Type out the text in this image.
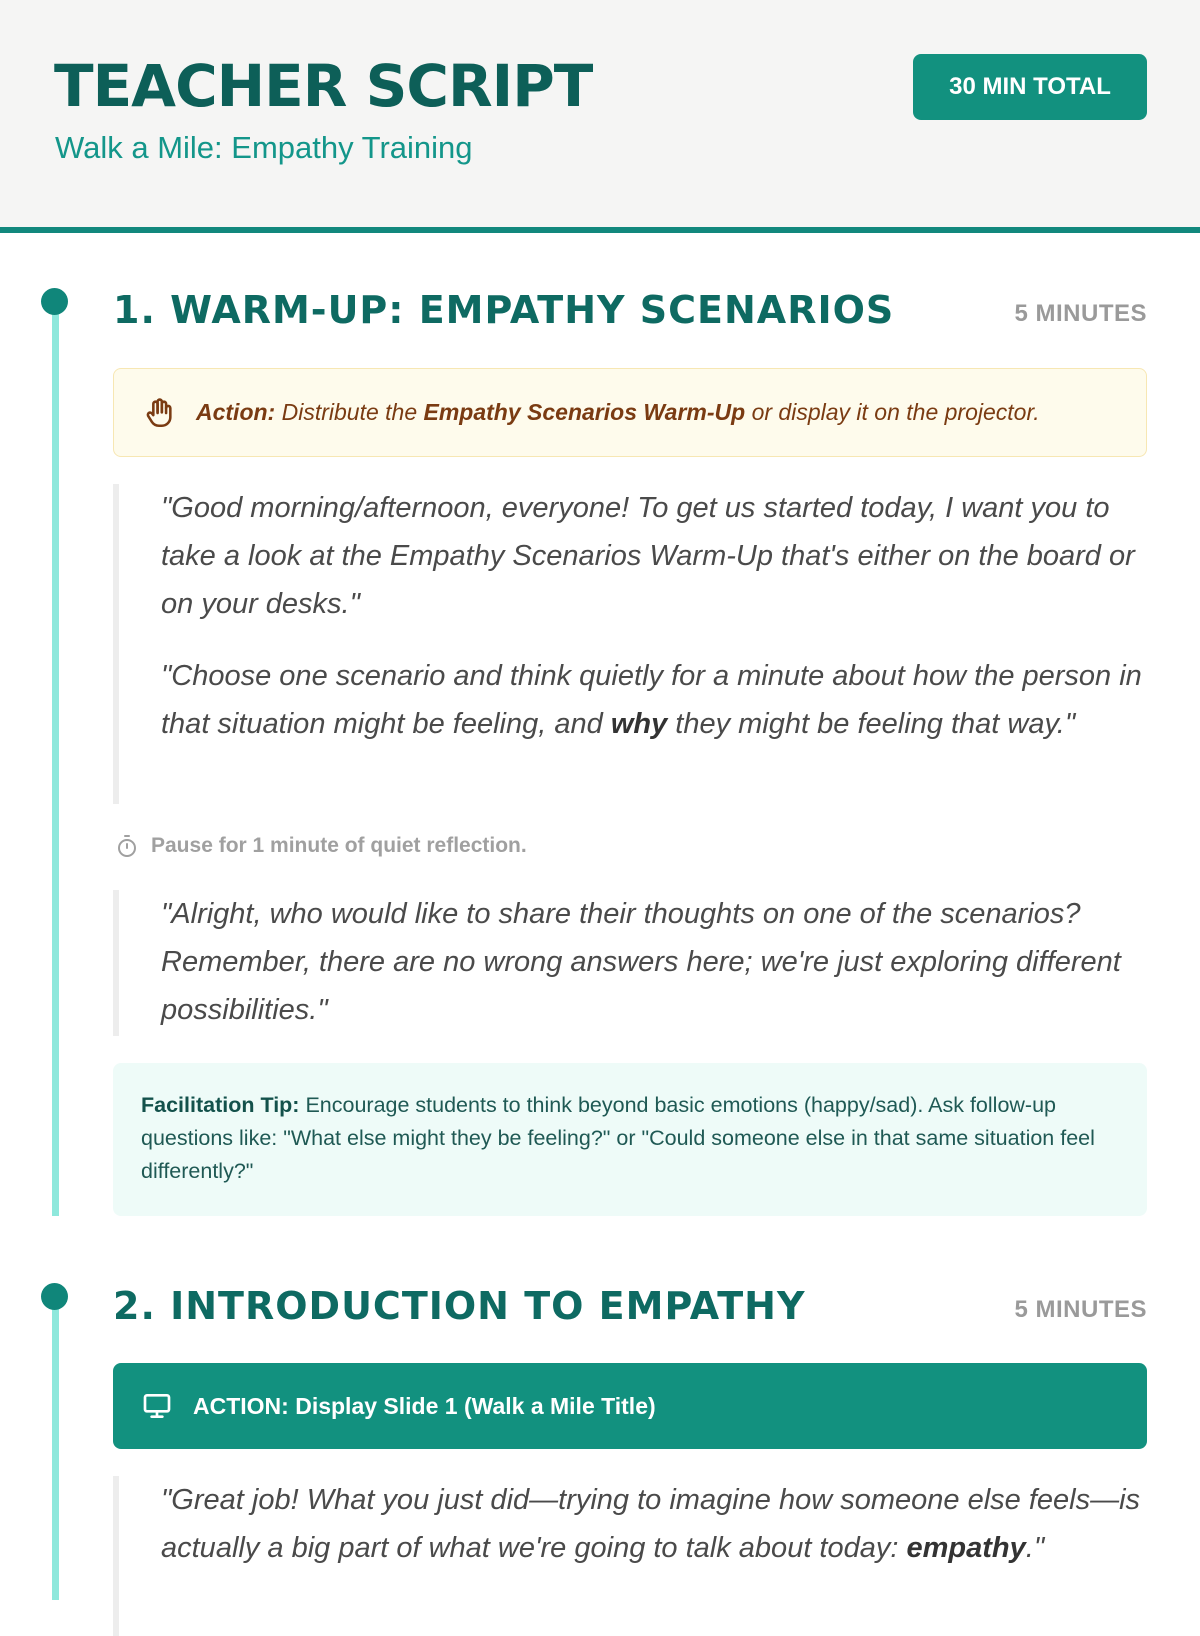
TEACHER SCRIPT
Walk a Mile: Empathy Training
30 MIN TOTAL
1. WARM-UP: EMPATHY SCENARIOS	5 MINUTES
Action: Distribute the Empathy Scenarios Warm-Up or display it on the projector.

"Good morning/afternoon, everyone! To get us started today, I want you to take a look at the Empathy Scenarios Warm-Up that's either on the board or on your desks."

"Choose one scenario and think quietly for a minute about how the person in that situation might be feeling, and why they might be feeling that way."

Pause for 1 minute of quiet reflection.

"Alright, who would like to share their thoughts on one of the scenarios? Remember, there are no wrong answers here; we're just exploring different possibilities."

Facilitation Tip: Encourage students to think beyond basic emotions (happy/sad). Ask follow-up questions like: "What else might they be feeling?" or "Could someone else in that same situation feel differently?"
2. INTRODUCTION TO EMPATHY	5 MINUTES
ACTION: Display Slide 1 (Walk a Mile Title)

"Great job! What you just did—trying to imagine how someone else feels—is actually a big part of what we're going to talk about today: empathy."
